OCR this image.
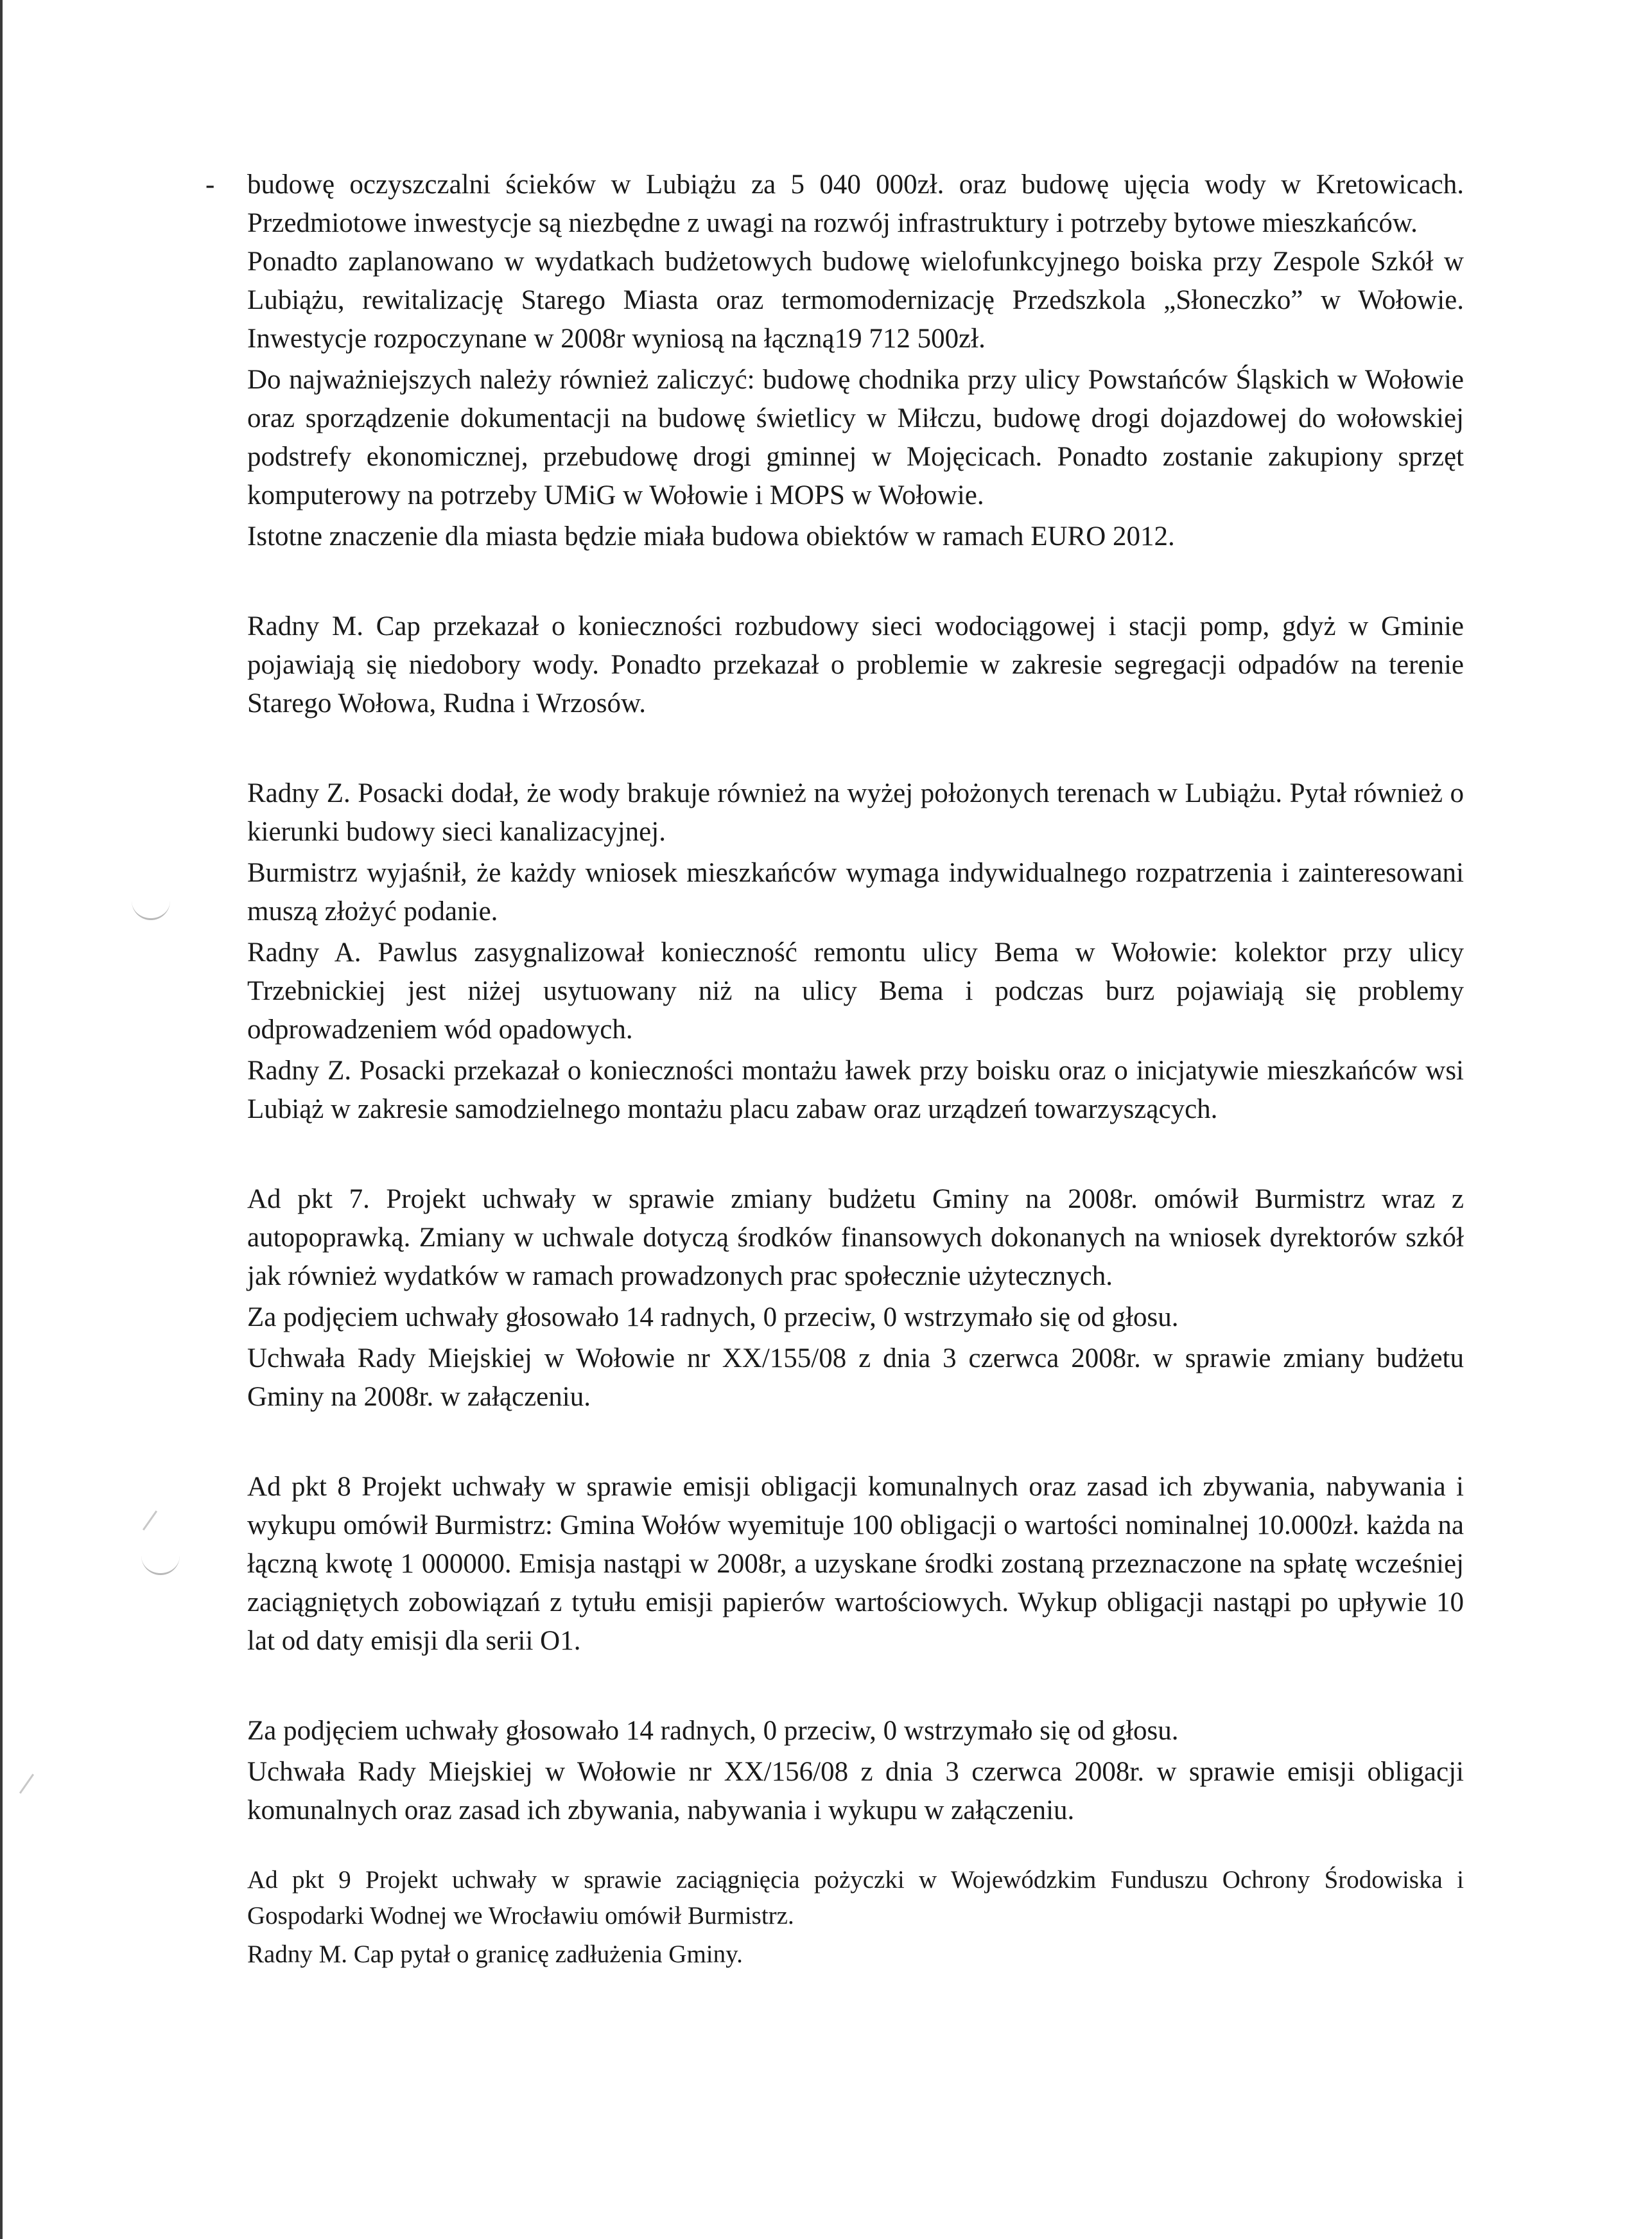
-	budowę oczyszczalni ścieków w Lubiążu za 5 040 000zł. oraz budowę ujęcia wody w Kretowicach. Przedmiotowe inwestycje są niezbędne z uwagi na rozwój infrastruktury i potrzeby bytowe mieszkańców.

Ponadto zaplanowano w wydatkach budżetowych budowę wielofunkcyjnego boiska przy Zespole Szkół w Lubiążu, rewitalizację Starego Miasta oraz termomodernizację Przedszkola „Słoneczko” w Wołowie. Inwestycje rozpoczynane w 2008r wyniosą na łączną19 712 500zł.

Do najważniejszych należy również zaliczyć: budowę chodnika przy ulicy Powstańców Śląskich w Wołowie oraz sporządzenie dokumentacji na budowę świetlicy w Miłczu, budowę drogi dojazdowej do wołowskiej podstrefy ekonomicznej, przebudowę drogi gminnej w Mojęcicach. Ponadto zostanie zakupiony sprzęt komputerowy na potrzeby UMiG w Wołowie i MOPS w Wołowie.

Istotne znaczenie dla miasta będzie miała budowa obiektów w ramach EURO 2012.

Radny M. Cap przekazał o konieczności rozbudowy sieci wodociągowej i stacji pomp, gdyż w Gminie pojawiają się niedobory wody. Ponadto przekazał o problemie w zakresie segregacji odpadów na terenie Starego Wołowa, Rudna i Wrzosów.

Radny Z. Posacki dodał, że wody brakuje również na wyżej położonych terenach w Lubiążu. Pytał również o kierunki budowy sieci kanalizacyjnej.

Burmistrz wyjaśnił, że każdy wniosek mieszkańców wymaga indywidualnego rozpatrzenia i zainteresowani muszą złożyć podanie.

Radny A. Pawlus zasygnalizował konieczność remontu ulicy Bema w Wołowie: kolektor przy ulicy Trzebnickiej jest niżej usytuowany niż na ulicy Bema i podczas burz pojawiają się problemy odprowadzeniem wód opadowych.

Radny Z. Posacki przekazał o konieczności montażu ławek przy boisku oraz o inicjatywie mieszkańców wsi Lubiąż w zakresie samodzielnego montażu placu zabaw oraz urządzeń towarzyszących.

Ad pkt 7. Projekt uchwały w sprawie zmiany budżetu Gminy na 2008r. omówił Burmistrz wraz z autopoprawką. Zmiany w uchwale dotyczą środków finansowych dokonanych na wniosek dyrektorów szkół jak również wydatków w ramach prowadzonych prac społecznie użytecznych.

Za podjęciem uchwały głosowało 14 radnych, 0 przeciw, 0 wstrzymało się od głosu.

Uchwała Rady Miejskiej w Wołowie nr XX/155/08 z dnia 3 czerwca 2008r. w sprawie zmiany budżetu Gminy na 2008r. w załączeniu.

Ad pkt 8 Projekt uchwały w sprawie emisji obligacji komunalnych oraz zasad ich zbywania, nabywania i wykupu omówił Burmistrz: Gmina Wołów wyemituje 100 obligacji o wartości nominalnej 10.000zł. każda na łączną kwotę 1 000000. Emisja nastąpi w 2008r, a uzyskane środki zostaną przeznaczone na spłatę wcześniej zaciągniętych zobowiązań z tytułu emisji papierów wartościowych. Wykup obligacji nastąpi po upływie 10 lat od daty emisji dla serii O1.

Za podjęciem uchwały głosowało 14 radnych, 0 przeciw, 0 wstrzymało się od głosu.

Uchwała Rady Miejskiej w Wołowie nr XX/156/08 z dnia 3 czerwca 2008r. w sprawie emisji obligacji komunalnych oraz zasad ich zbywania, nabywania i wykupu w załączeniu.

Ad pkt 9 Projekt uchwały w sprawie zaciągnięcia pożyczki w Wojewódzkim Funduszu Ochrony Środowiska i Gospodarki Wodnej we Wrocławiu omówił Burmistrz.

Radny M. Cap pytał o granicę zadłużenia Gminy.
